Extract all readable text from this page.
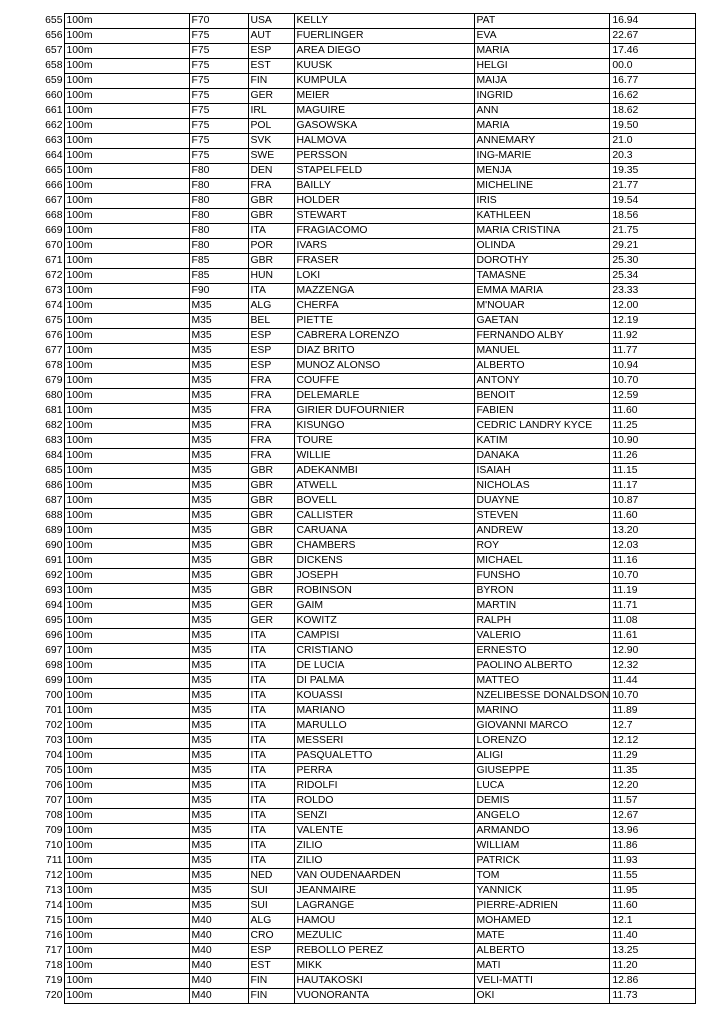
655	100m	F70	USA	KELLY	PAT	16.94
656	100m	F75	AUT	FUERLINGER	EVA	22.67
657	100m	F75	ESP	AREA DIEGO	MARIA	17.46
658	100m	F75	EST	KUUSK	HELGI	00.0
659	100m	F75	FIN	KUMPULA	MAIJA	16.77
660	100m	F75	GER	MEIER	INGRID	16.62
661	100m	F75	IRL	MAGUIRE	ANN	18.62
662	100m	F75	POL	GASOWSKA	MARIA	19.50
663	100m	F75	SVK	HALMOVA	ANNEMARY	21.0
664	100m	F75	SWE	PERSSON	ING-MARIE	20.3
665	100m	F80	DEN	STAPELFELD	MENJA	19.35
666	100m	F80	FRA	BAILLY	MICHELINE	21.77
667	100m	F80	GBR	HOLDER	IRIS	19.54
668	100m	F80	GBR	STEWART	KATHLEEN	18.56
669	100m	F80	ITA	FRAGIACOMO	MARIA CRISTINA	21.75
670	100m	F80	POR	IVARS	OLINDA	29.21
671	100m	F85	GBR	FRASER	DOROTHY	25.30
672	100m	F85	HUN	LOKI	TAMASNE	25.34
673	100m	F90	ITA	MAZZENGA	EMMA MARIA	23.33
674	100m	M35	ALG	CHERFA	M'NOUAR	12.00
675	100m	M35	BEL	PIETTE	GAETAN	12.19
676	100m	M35	ESP	CABRERA LORENZO	FERNANDO ALBY	11.92
677	100m	M35	ESP	DIAZ BRITO	MANUEL	11.77
678	100m	M35	ESP	MUNOZ ALONSO	ALBERTO	10.94
679	100m	M35	FRA	COUFFE	ANTONY	10.70
680	100m	M35	FRA	DELEMARLE	BENOIT	12.59
681	100m	M35	FRA	GIRIER DUFOURNIER	FABIEN	11.60
682	100m	M35	FRA	KISUNGO	CEDRIC LANDRY KYCE	11.25
683	100m	M35	FRA	TOURE	KATIM	10.90
684	100m	M35	FRA	WILLIE	DANAKA	11.26
685	100m	M35	GBR	ADEKANMBI	ISAIAH	11.15
686	100m	M35	GBR	ATWELL	NICHOLAS	11.17
687	100m	M35	GBR	BOVELL	DUAYNE	10.87
688	100m	M35	GBR	CALLISTER	STEVEN	11.60
689	100m	M35	GBR	CARUANA	ANDREW	13.20
690	100m	M35	GBR	CHAMBERS	ROY	12.03
691	100m	M35	GBR	DICKENS	MICHAEL	11.16
692	100m	M35	GBR	JOSEPH	FUNSHO	10.70
693	100m	M35	GBR	ROBINSON	BYRON	11.19
694	100m	M35	GER	GAIM	MARTIN	11.71
695	100m	M35	GER	KOWITZ	RALPH	11.08
696	100m	M35	ITA	CAMPISI	VALERIO	11.61
697	100m	M35	ITA	CRISTIANO	ERNESTO	12.90
698	100m	M35	ITA	DE LUCIA	PAOLINO ALBERTO	12.32
699	100m	M35	ITA	DI PALMA	MATTEO	11.44
700	100m	M35	ITA	KOUASSI	NZELIBESSE DONALDSON	10.70
701	100m	M35	ITA	MARIANO	MARINO	11.89
702	100m	M35	ITA	MARULLO	GIOVANNI MARCO	12.7
703	100m	M35	ITA	MESSERI	LORENZO	12.12
704	100m	M35	ITA	PASQUALETTO	ALIGI	11.29
705	100m	M35	ITA	PERRA	GIUSEPPE	11.35
706	100m	M35	ITA	RIDOLFI	LUCA	12.20
707	100m	M35	ITA	ROLDO	DEMIS	11.57
708	100m	M35	ITA	SENZI	ANGELO	12.67
709	100m	M35	ITA	VALENTE	ARMANDO	13.96
710	100m	M35	ITA	ZILIO	WILLIAM	11.86
711	100m	M35	ITA	ZILIO	PATRICK	11.93
712	100m	M35	NED	VAN OUDENAARDEN	TOM	11.55
713	100m	M35	SUI	JEANMAIRE	YANNICK	11.95
714	100m	M35	SUI	LAGRANGE	PIERRE-ADRIEN	11.60
715	100m	M40	ALG	HAMOU	MOHAMED	12.1
716	100m	M40	CRO	MEZULIC	MATE	11.40
717	100m	M40	ESP	REBOLLO PEREZ	ALBERTO	13.25
718	100m	M40	EST	MIKK	MATI	11.20
719	100m	M40	FIN	HAUTAKOSKI	VELI-MATTI	12.86
720	100m	M40	FIN	VUONORANTA	OKI	11.73
